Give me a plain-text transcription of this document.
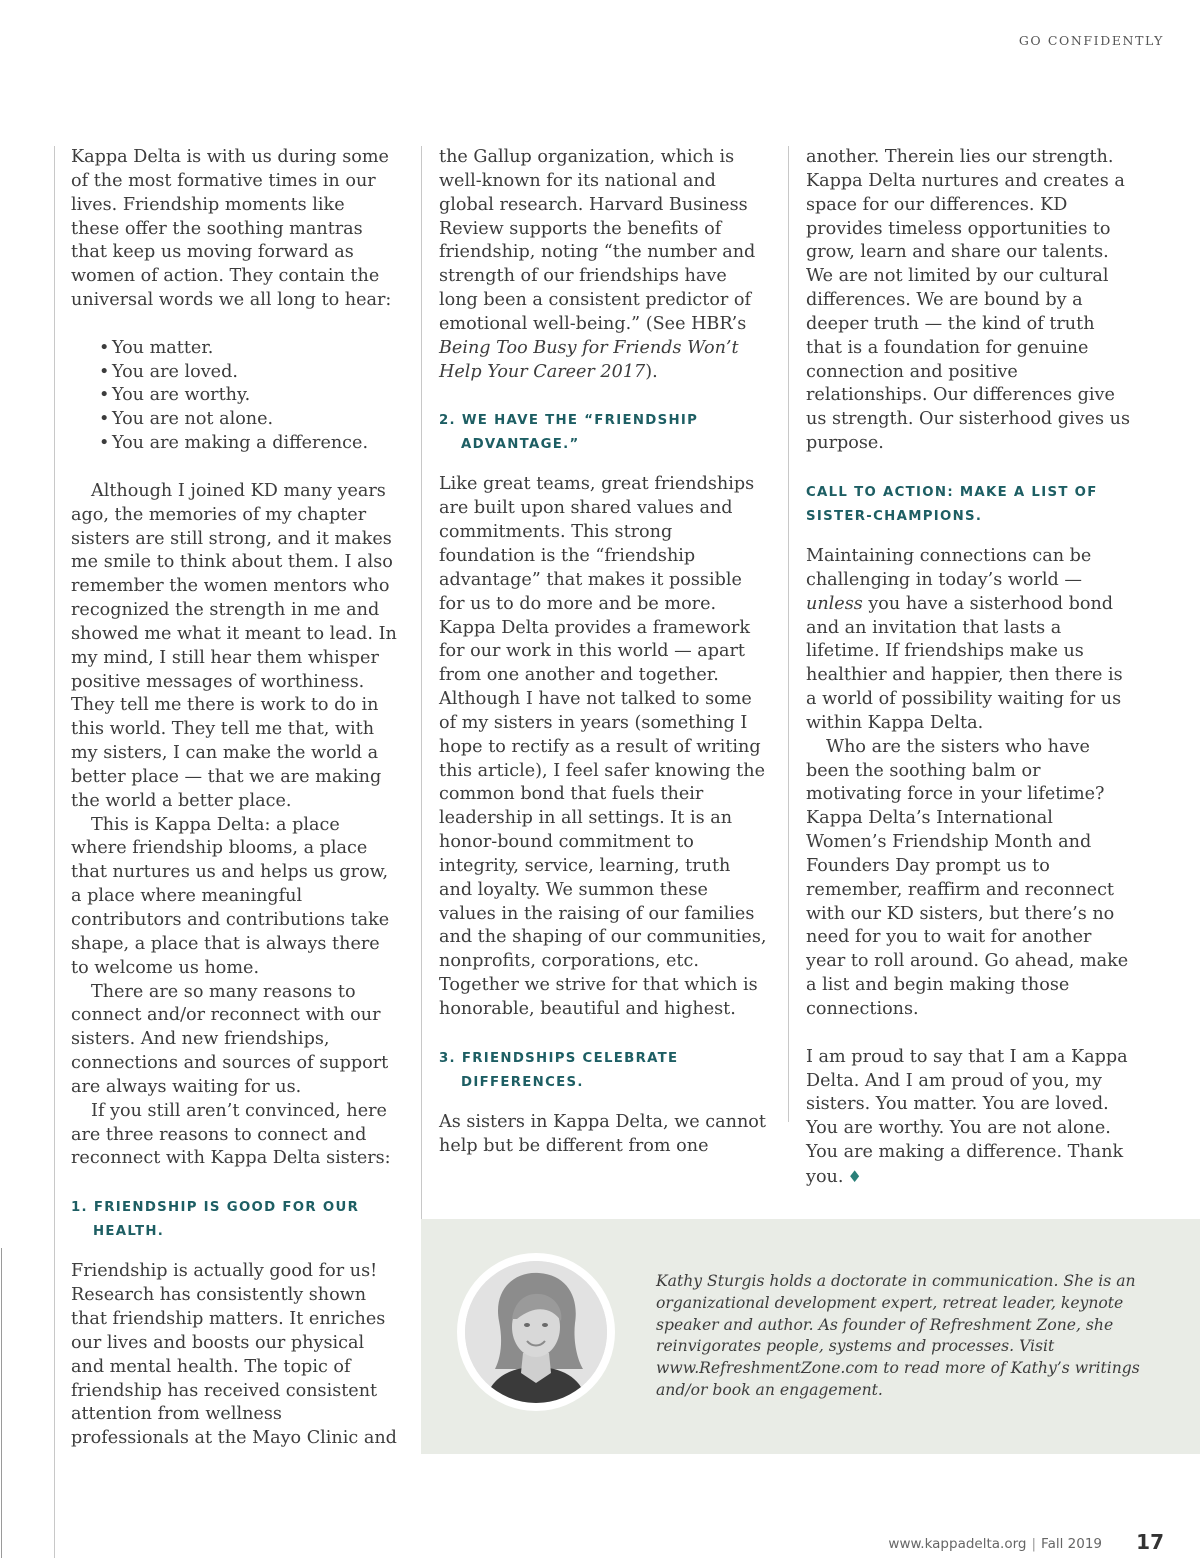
GO CONFIDENTLY

Kappa Delta is with us during some of the most formative times in our lives. Friendship moments like these offer the soothing mantras that keep us moving forward as women of action. They contain the universal words we all long to hear:

• You matter.
• You are loved.
• You are worthy.
• You are not alone.
• You are making a difference.

Although I joined KD many years ago, the memories of my chapter sisters are still strong, and it makes me smile to think about them. I also remember the women mentors who recognized the strength in me and showed me what it meant to lead. In my mind, I still hear them whisper positive messages of worthiness. They tell me there is work to do in this world. They tell me that, with my sisters, I can make the world a better place — that we are making the world a better place.

This is Kappa Delta: a place where friendship blooms, a place that nurtures us and helps us grow, a place where meaningful contributors and contributions take shape, a place that is always there to welcome us home.

There are so many reasons to connect and/or reconnect with our sisters. And new friendships, connections and sources of support are always waiting for us.

If you still aren’t convinced, here are three reasons to connect and reconnect with Kappa Delta sisters:

1. FRIENDSHIP IS GOOD FOR OUR
HEALTH.

Friendship is actually good for us! Research has consistently shown that friendship matters. It enriches our lives and boosts our physical and mental health. The topic of friendship has received consistent attention from wellness professionals at the Mayo Clinic and

the Gallup organization, which is well-known for its national and global research. Harvard Business Review supports the benefits of friendship, noting “the number and strength of our friendships have long been a consistent predictor of emotional well-being.” (See HBR’s Being Too Busy for Friends Won’t Help Your Career 2017).

2. WE HAVE THE “FRIENDSHIP
ADVANTAGE.”

Like great teams, great friendships are built upon shared values and commitments. This strong foundation is the “friendship advantage” that makes it possible for us to do more and be more. Kappa Delta provides a framework for our work in this world — apart from one another and together. Although I have not talked to some of my sisters in years (something I hope to rectify as a result of writing this article), I feel safer knowing the common bond that fuels their leadership in all settings. It is an honor-bound commitment to integrity, service, learning, truth and loyalty. We summon these values in the raising of our families and the shaping of our communities, nonprofits, corporations, etc. Together we strive for that which is honorable, beautiful and highest.

3. FRIENDSHIPS CELEBRATE
DIFFERENCES.

As sisters in Kappa Delta, we cannot help but be different from one

another. Therein lies our strength. Kappa Delta nurtures and creates a space for our differences. KD provides timeless opportunities to grow, learn and share our talents. We are not limited by our cultural differences. We are bound by a deeper truth — the kind of truth that is a foundation for genuine connection and positive relationships. Our differences give us strength. Our sisterhood gives us purpose.

CALL TO ACTION: MAKE A LIST OF
SISTER-CHAMPIONS.

Maintaining connections can be challenging in today’s world — unless you have a sisterhood bond and an invitation that lasts a lifetime. If friendships make us healthier and happier, then there is a world of possibility waiting for us within Kappa Delta.

Who are the sisters who have been the soothing balm or motivating force in your lifetime? Kappa Delta’s International Women’s Friendship Month and Founders Day prompt us to remember, reaffirm and reconnect with our KD sisters, but there’s no need for you to wait for another year to roll around. Go ahead, make a list and begin making those connections.

I am proud to say that I am a Kappa Delta. And I am proud of you, my sisters. You matter. You are loved. You are worthy. You are not alone. You are making a difference. Thank you. ♦

Kathy Sturgis holds a doctorate in communication. She is an organizational development expert, retreat leader, keynote speaker and author. As founder of Refreshment Zone, she reinvigorates people, systems and processes. Visit www.RefreshmentZone.com to read more of Kathy’s writings and/or book an engagement.

www.kappadelta.org | Fall 2019 17
